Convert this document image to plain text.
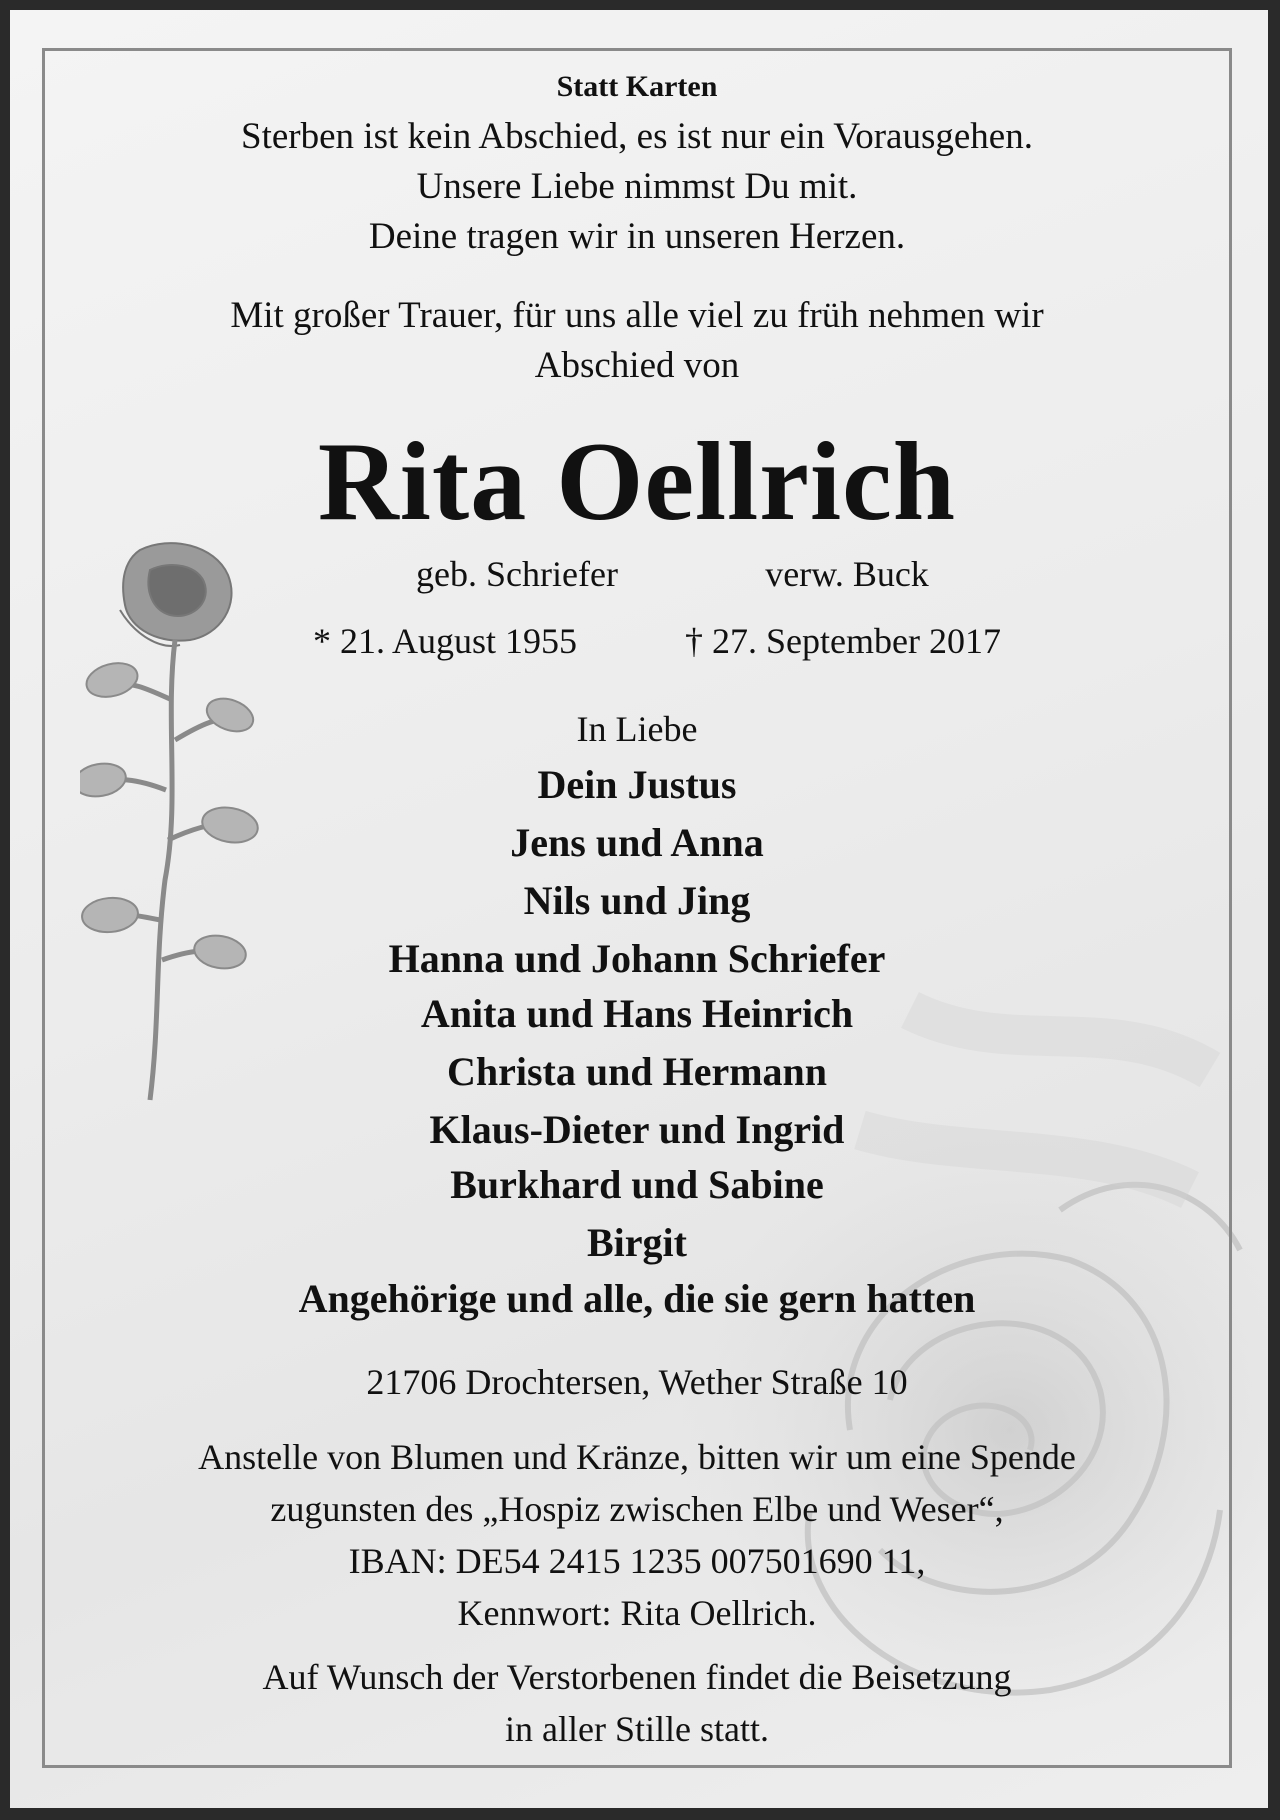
Statt Karten
Sterben ist kein Abschied, es ist nur ein Vorausgehen.
Unsere Liebe nimmst Du mit.
Deine tragen wir in unseren Herzen.
Mit großer Trauer, für uns alle viel zu früh nehmen wir
Abschied von
Rita Oellrich
geb. Schriefer	verw. Buck
* 21. August 1955	† 27. September 2017
In Liebe
Dein Justus
Jens und Anna
Nils und Jing
Hanna und Johann Schriefer
Anita und Hans Heinrich
Christa und Hermann
Klaus-Dieter und Ingrid
Burkhard und Sabine
Birgit
Angehörige und alle, die sie gern hatten
21706 Drochtersen, Wether Straße 10
Anstelle von Blumen und Kränze, bitten wir um eine Spende
zugunsten des „Hospiz zwischen Elbe und Weser“,
IBAN: DE54 2415 1235 007501690 11,
Kennwort: Rita Oellrich.
Auf Wunsch der Verstorbenen findet die Beisetzung
in aller Stille statt.
